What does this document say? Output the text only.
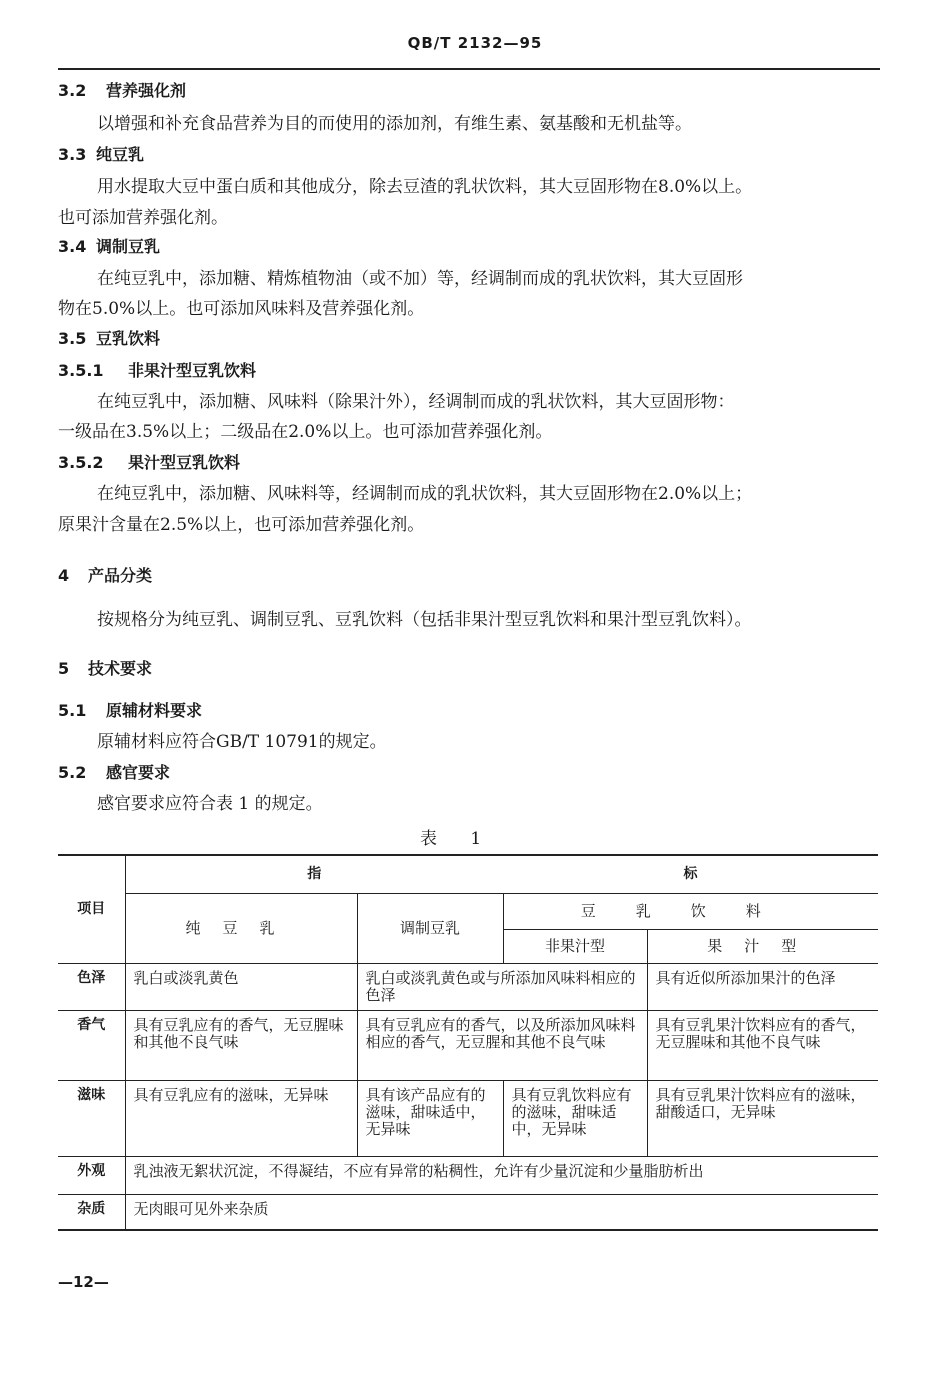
QB/T 2132—95
3.2 营养强化剂
以增强和补充食品营养为目的而使用的添加剂，有维生素、氨基酸和无机盐等。
3.3 纯豆乳
用水提取大豆中蛋白质和其他成分，除去豆渣的乳状饮料，其大豆固形物在8.0%以上。
也可添加营养强化剂。
3.4 调制豆乳
在纯豆乳中，添加糖、精炼植物油（或不加）等，经调制而成的乳状饮料，其大豆固形
物在5.0%以上。也可添加风味料及营养强化剂。
3.5 豆乳饮料
3.5.1 非果汁型豆乳饮料
在纯豆乳中，添加糖、风味料（除果汁外），经调制而成的乳状饮料，其大豆固形物：
一级品在3.5%以上；二级品在2.0%以上。也可添加营养强化剂。
3.5.2 果汁型豆乳饮料
在纯豆乳中，添加糖、风味料等，经调制而成的乳状饮料，其大豆固形物在2.0%以上；
原果汁含量在2.5%以上，也可添加营养强化剂。
4 产品分类
按规格分为纯豆乳、调制豆乳、豆乳饮料（包括非果汁型豆乳饮料和果汁型豆乳饮料）。
5 技术要求
5.1 原辅材料要求
原辅材料应符合GB/T 10791的规定。
5.2 感官要求
感官要求应符合表 1 的规定。
表 1
项目	指		标	
	纯豆乳	调制豆乳	豆乳饮料	
			非果汁型	果汁型
色泽	乳白或淡乳黄色	乳白或淡乳黄色或与所添加风味料相应的色泽		具有近似所添加果汁的色泽
香气	具有豆乳应有的香气，无豆腥味和其他不良气味	具有豆乳应有的香气，以及所添加风味料相应的香气，无豆腥和其他不良气味		具有豆乳果汁饮料应有的香气，无豆腥味和其他不良气味
滋味	具有豆乳应有的滋味，无异味	具有该产品应有的滋味，甜味适中，无异味	具有豆乳饮料应有的滋味，甜味适中，无异味	具有豆乳果汁饮料应有的滋味，甜酸适口，无异味
外观	乳浊液无絮状沉淀，不得凝结，不应有异常的粘稠性，允许有少量沉淀和少量脂肪析出			
杂质	无肉眼可见外来杂质			
—12—
